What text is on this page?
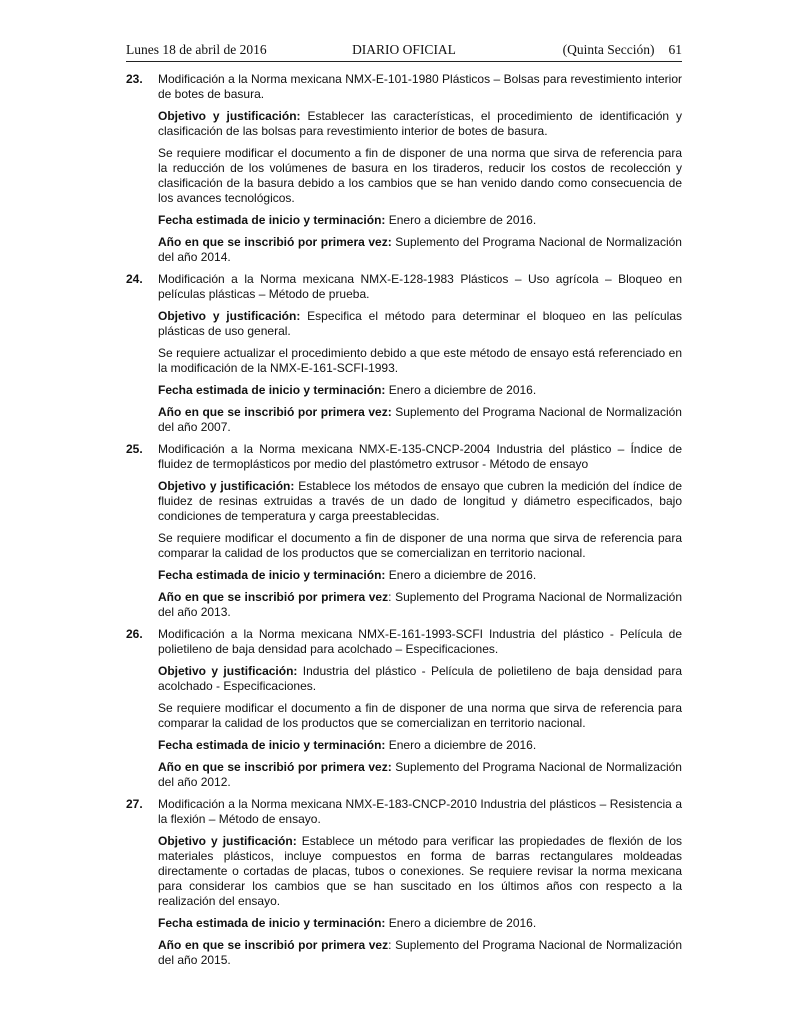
Lunes 18 de abril de 2016	DIARIO OFICIAL	(Quinta Sección) 61
23. Modificación a la Norma mexicana NMX-E-101-1980 Plásticos – Bolsas para revestimiento interior de botes de basura.

Objetivo y justificación: Establecer las características, el procedimiento de identificación y clasificación de las bolsas para revestimiento interior de botes de basura.

Se requiere modificar el documento a fin de disponer de una norma que sirva de referencia para la reducción de los volúmenes de basura en los tiraderos, reducir los costos de recolección y clasificación de la basura debido a los cambios que se han venido dando como consecuencia de los avances tecnológicos.

Fecha estimada de inicio y terminación: Enero a diciembre de 2016.

Año en que se inscribió por primera vez: Suplemento del Programa Nacional de Normalización del año 2014.

24. Modificación a la Norma mexicana NMX-E-128-1983 Plásticos – Uso agrícola – Bloqueo en películas plásticas – Método de prueba.

Objetivo y justificación: Especifica el método para determinar el bloqueo en las películas plásticas de uso general.

Se requiere actualizar el procedimiento debido a que este método de ensayo está referenciado en la modificación de la NMX-E-161-SCFI-1993.

Fecha estimada de inicio y terminación: Enero a diciembre de 2016.

Año en que se inscribió por primera vez: Suplemento del Programa Nacional de Normalización del año 2007.

25. Modificación a la Norma mexicana NMX-E-135-CNCP-2004 Industria del plástico – Índice de fluidez de termoplásticos por medio del plastómetro extrusor - Método de ensayo

Objetivo y justificación: Establece los métodos de ensayo que cubren la medición del índice de fluidez de resinas extruidas a través de un dado de longitud y diámetro especificados, bajo condiciones de temperatura y carga preestablecidas.

Se requiere modificar el documento a fin de disponer de una norma que sirva de referencia para comparar la calidad de los productos que se comercializan en territorio nacional.

Fecha estimada de inicio y terminación: Enero a diciembre de 2016.

Año en que se inscribió por primera vez: Suplemento del Programa Nacional de Normalización del año 2013.

26. Modificación a la Norma mexicana NMX-E-161-1993-SCFI Industria del plástico - Película de polietileno de baja densidad para acolchado – Especificaciones.

Objetivo y justificación: Industria del plástico - Película de polietileno de baja densidad para acolchado - Especificaciones.

Se requiere modificar el documento a fin de disponer de una norma que sirva de referencia para comparar la calidad de los productos que se comercializan en territorio nacional.

Fecha estimada de inicio y terminación: Enero a diciembre de 2016.

Año en que se inscribió por primera vez: Suplemento del Programa Nacional de Normalización del año 2012.

27. Modificación a la Norma mexicana NMX-E-183-CNCP-2010 Industria del plásticos – Resistencia a la flexión – Método de ensayo.

Objetivo y justificación: Establece un método para verificar las propiedades de flexión de los materiales plásticos, incluye compuestos en forma de barras rectangulares moldeadas directamente o cortadas de placas, tubos o conexiones. Se requiere revisar la norma mexicana para considerar los cambios que se han suscitado en los últimos años con respecto a la realización del ensayo.

Fecha estimada de inicio y terminación: Enero a diciembre de 2016.

Año en que se inscribió por primera vez: Suplemento del Programa Nacional de Normalización del año 2015.
